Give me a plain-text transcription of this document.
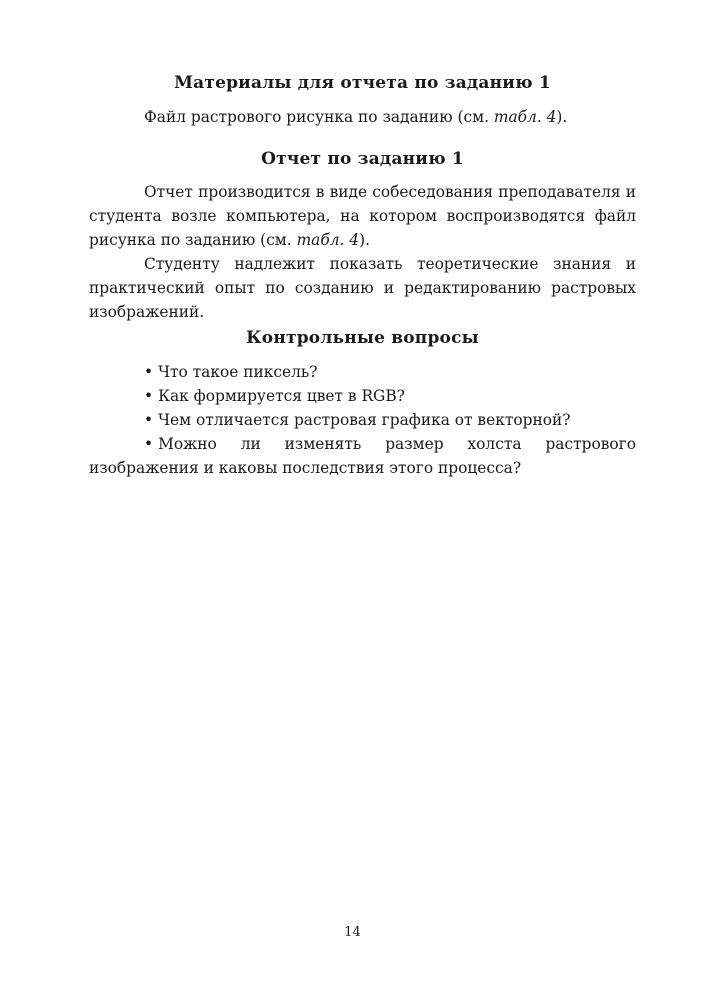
Материалы для отчета по заданию 1

Файл растрового рисунка по заданию (см. табл. 4).

Отчет по заданию 1

Отчет производится в виде собеседования преподавателя и студента возле компьютера, на котором воспроизводятся файл рисунка по заданию (см. табл. 4).

Студенту надлежит показать теоретические знания и практический опыт по созданию и редактированию растровых изображений.

Контрольные вопросы

• Что такое пиксель?

• Как формируется цвет в RGB?

• Чем отличается растровая графика от векторной?

• Можно ли изменять размер холста растрового изображения и каковы последствия этого процесса?

14
